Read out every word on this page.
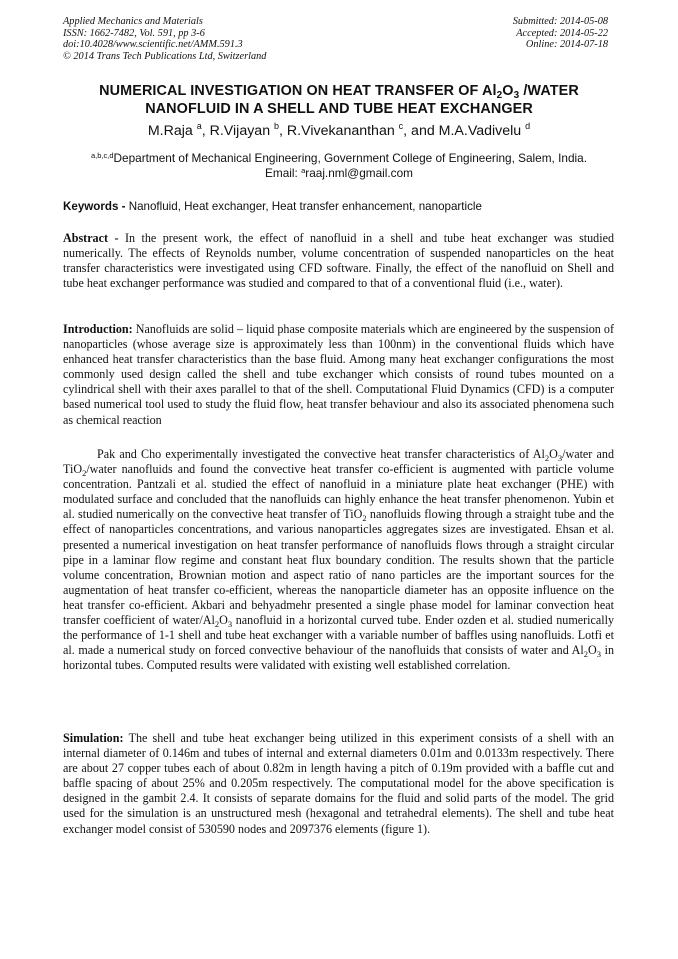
Applied Mechanics and Materials
ISSN: 1662-7482, Vol. 591, pp 3-6
doi:10.4028/www.scientific.net/AMM.591.3
© 2014 Trans Tech Publications Ltd, Switzerland
Submitted: 2014-05-08
Accepted: 2014-05-22
Online: 2014-07-18
NUMERICAL INVESTIGATION ON HEAT TRANSFER OF $Al_2O_3$ /WATER
NANOFLUID IN A SHELL AND TUBE HEAT EXCHANGER
M.Raja $^a$, R.Vijayan $^b$, R.Vivekananthan $^c$, and M.A.Vadivelu $^d$
$^{a,b,c,d}$Department of Mechanical Engineering, Government College of Engineering, Salem, India.
Email: $^a$raaj.nml@gmail.com
Keywords - Nanofluid, Heat exchanger, Heat transfer enhancement, nanoparticle
Abstract - In the present work, the effect of nanofluid in a shell and tube heat exchanger was studied numerically. The effects of Reynolds number, volume concentration of suspended nanoparticles on the heat transfer characteristics were investigated using CFD software. Finally, the effect of the nanofluid on Shell and tube heat exchanger performance was studied and compared to that of a conventional fluid (i.e., water).
Introduction: Nanofluids are solid – liquid phase composite materials which are engineered by the suspension of nanoparticles (whose average size is approximately less than 100nm) in the conventional fluids which have enhanced heat transfer characteristics than the base fluid. Among many heat exchanger configurations the most commonly used design called the shell and tube exchanger which consists of round tubes mounted on a cylindrical shell with their axes parallel to that of the shell. Computational Fluid Dynamics (CFD) is a computer based numerical tool used to study the fluid flow, heat transfer behaviour and also its associated phenomena such as chemical reaction
Pak and Cho experimentally investigated the convective heat transfer characteristics of $Al_2O_3$/water and TiO$_2$/water nanofluids and found the convective heat transfer co-efficient is augmented with particle volume concentration. Pantzali et al. studied the effect of nanofluid in a miniature plate heat exchanger (PHE) with modulated surface and concluded that the nanofluids can highly enhance the heat transfer phenomenon. Yubin et al. studied numerically on the convective heat transfer of TiO$_2$ nanofluids flowing through a straight tube and the effect of nanoparticles concentrations, and various nanoparticles aggregates sizes are investigated. Ehsan et al. presented a numerical investigation on heat transfer performance of nanofluids flows through a straight circular pipe in a laminar flow regime and constant heat flux boundary condition. The results shown that the particle volume concentration, Brownian motion and aspect ratio of nano particles are the important sources for the augmentation of heat transfer co-efficient, whereas the nanoparticle diameter has an opposite influence on the heat transfer co-efficient. Akbari and behyadmehr presented a single phase model for laminar convection heat transfer coefficient of water/$Al_2O_3$ nanofluid in a horizontal curved tube. Ender ozden et al. studied numerically the performance of 1-1 shell and tube heat exchanger with a variable number of baffles using nanofluids. Lotfi et al. made a numerical study on forced convective behaviour of the nanofluids that consists of water and $Al_2O_3$ in horizontal tubes. Computed results were validated with existing well established correlation.
Simulation: The shell and tube heat exchanger being utilized in this experiment consists of a shell with an internal diameter of 0.146m and tubes of internal and external diameters 0.01m and 0.0133m respectively. There are about 27 copper tubes each of about 0.82m in length having a pitch of 0.19m provided with a baffle cut and baffle spacing of about 25% and 0.205m respectively. The computational model for the above specification is designed in the gambit 2.4. It consists of separate domains for the fluid and solid parts of the model. The grid used for the simulation is an unstructured mesh (hexagonal and tetrahedral elements). The shell and tube heat exchanger model consist of 530590 nodes and 2097376 elements (figure 1).
